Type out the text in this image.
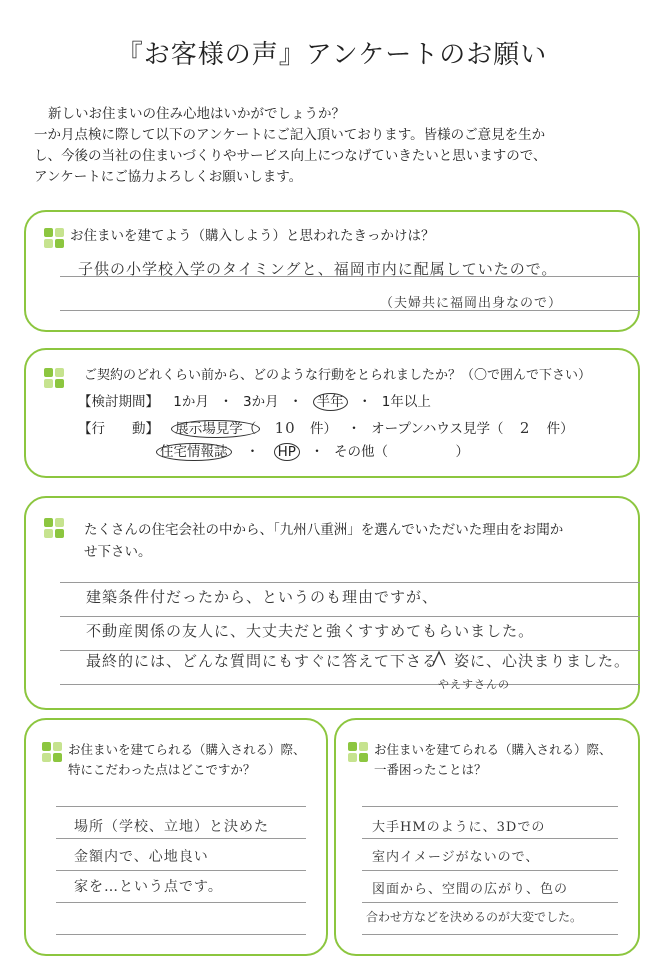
『お客様の声』アンケートのお願い

新しいお住まいの住み心地はいかがでしょうか？

一か月点検に際して以下のアンケートにご記入頂いております。皆様のご意見を生か

し、今後の当社の住まいづくりやサービス向上につなげていきたいと思いますので、

アンケートにご協力よろしくお願いします。

お住まいを建てよう（購入しよう）と思われたきっかけは？
子供の小学校入学のタイミングと、福岡市内に配属していたので。
（夫婦共に福岡出身なので）
ご契約のどれくらい前から、どのような行動をとられましたか？（〇で囲んで下さい）
【検討期間】 1か月 ・ 3か月 ・ 半年 ・ 1年以上
【行　　動】 展示場見学（ 10 件） ・ オープンハウス見学（ 2 件）
住宅情報誌 ・ HP ・ その他（　　　　　）
たくさんの住宅会社の中から、「九州八重洲」を選んでいただいた理由をお聞か
せ下さい。
建築条件付だったから、というのも理由ですが、
不動産関係の友人に、大丈夫だと強くすすめてもらいました。
最終的には、どんな質問にもすぐに答えて下さる　姿に、心決まりました。
やえすさんの
お住まいを建てられる（購入される）際、
特にこだわった点はどこですか？
場所（学校、立地）と決めた
金額内で、心地良い
家を…という点です。
お住まいを建てられる（購入される）際、
一番困ったことは？
大手HMのように、3Dでの
室内イメージがないので、
図面から、空間の広がり、色の
合わせ方などを決めるのが大変でした。
